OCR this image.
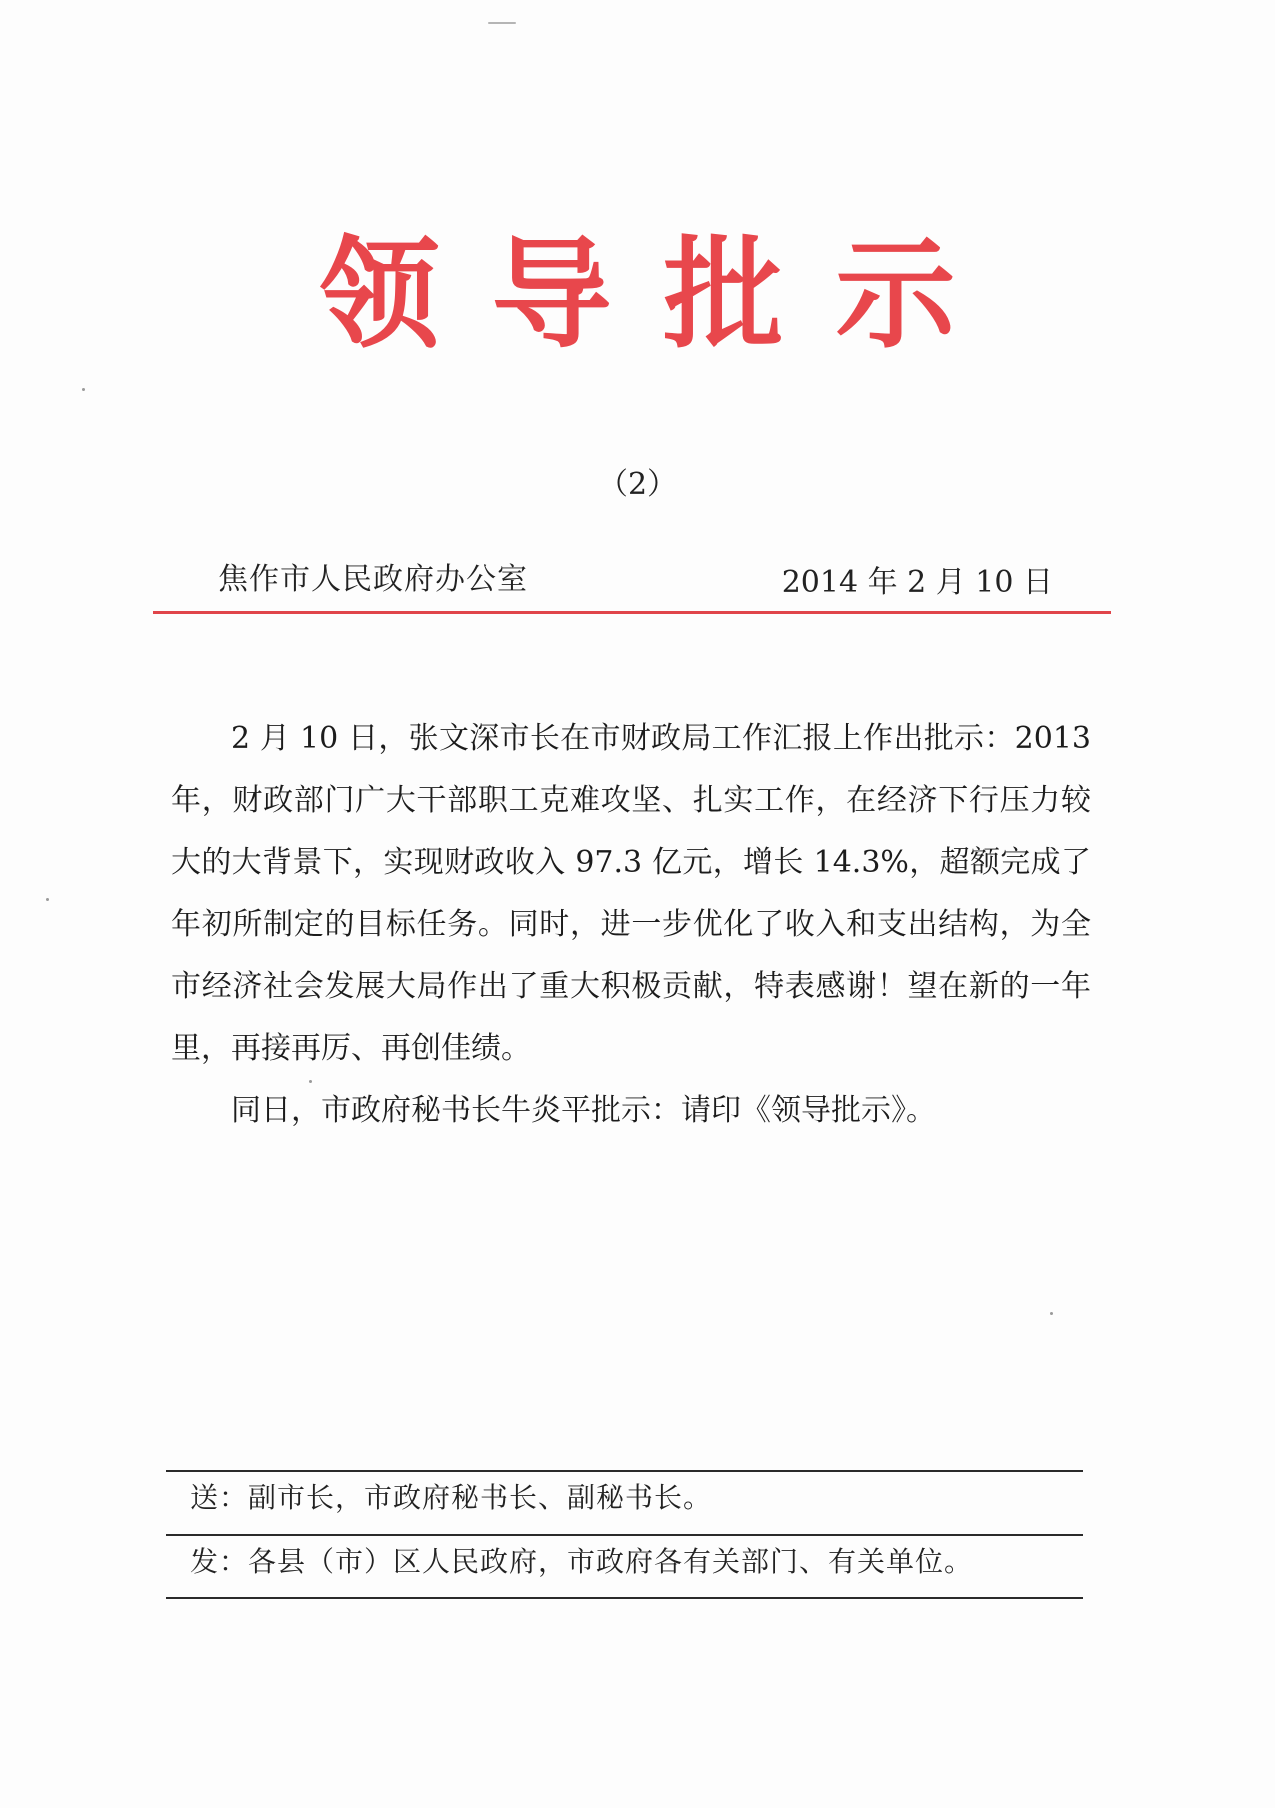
领导批示
（2）
焦作市人民政府办公室	2014 年 2 月 10 日

2 月 10 日，张文深市长在市财政局工作汇报上作出批示：2013 年，财政部门广大干部职工克难攻坚、扎实工作，在经济下行压力较大的大背景下，实现财政收入 97.3 亿元，增长 14.3%，超额完成了年初所制定的目标任务。同时，进一步优化了收入和支出结构，为全市经济社会发展大局作出了重大积极贡献，特表感谢！望在新的一年里，再接再厉、再创佳绩。

同日，市政府秘书长牛炎平批示：请印《领导批示》。

送：副市长，市政府秘书长、副秘书长。
发：各县（市）区人民政府，市政府各有关部门、有关单位。
